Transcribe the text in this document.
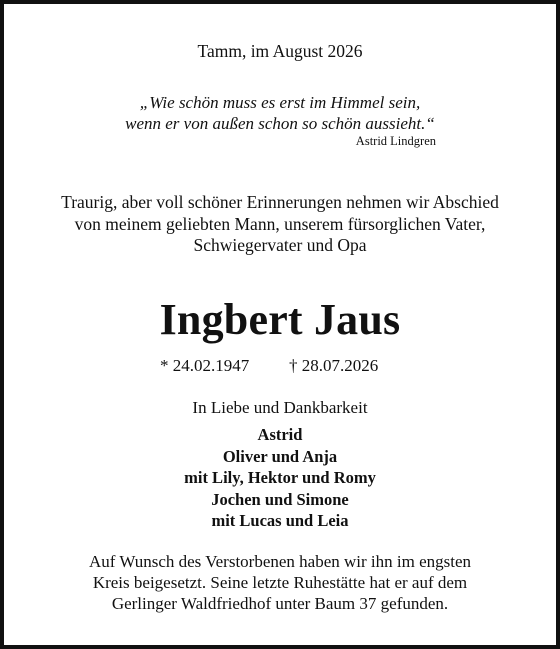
Tamm, im August 2026
„Wie schön muss es erst im Himmel sein,
wenn er von außen schon so schön aussieht.“
Astrid Lindgren
Traurig, aber voll schöner Erinnerungen nehmen wir Abschied
von meinem geliebten Mann, unserem fürsorglichen Vater,
Schwiegervater und Opa
Ingbert Jaus
* 24.02.1947 † 28.07.2026
In Liebe und Dankbarkeit
Astrid
Oliver und Anja
mit Lily, Hektor und Romy
Jochen und Simone
mit Lucas und Leia
Auf Wunsch des Verstorbenen haben wir ihn im engsten
Kreis beigesetzt. Seine letzte Ruhestätte hat er auf dem
Gerlinger Waldfriedhof unter Baum 37 gefunden.
